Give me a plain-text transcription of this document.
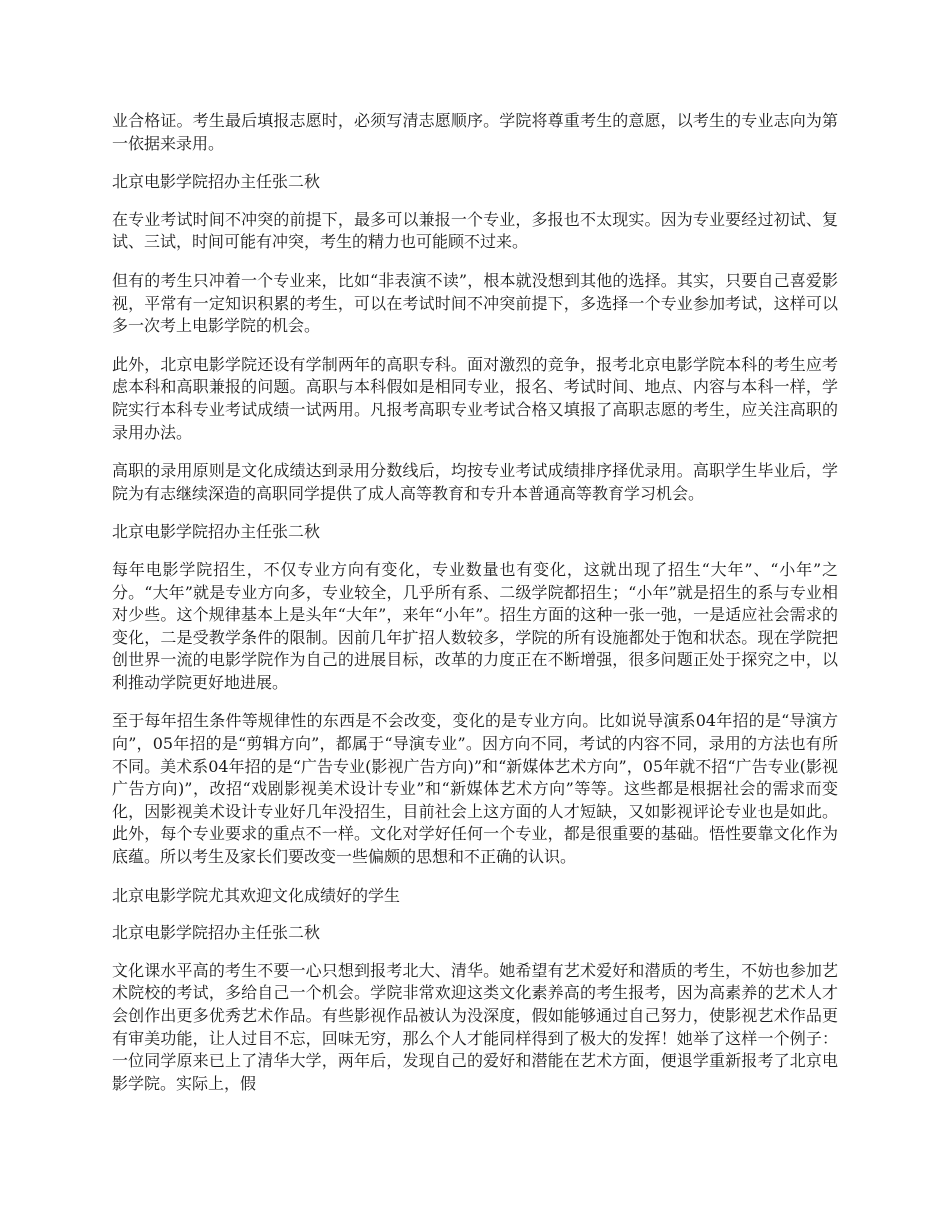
业合格证。考生最后填报志愿时，必须写清志愿顺序。学院将尊重考生的意愿，以考生的专业志向为第一依据来录用。

北京电影学院招办主任张二秋

在专业考试时间不冲突的前提下，最多可以兼报一个专业，多报也不太现实。因为专业要经过初试、复试、三试，时间可能有冲突，考生的精力也可能顾不过来。

但有的考生只冲着一个专业来，比如“非表演不读”，根本就没想到其他的选择。其实，只要自己喜爱影视，平常有一定知识积累的考生，可以在考试时间不冲突前提下，多选择一个专业参加考试，这样可以多一次考上电影学院的机会。

此外，北京电影学院还设有学制两年的高职专科。面对激烈的竞争，报考北京电影学院本科的考生应考虑本科和高职兼报的问题。高职与本科假如是相同专业，报名、考试时间、地点、内容与本科一样，学院实行本科专业考试成绩一试两用。凡报考高职专业考试合格又填报了高职志愿的考生，应关注高职的录用办法。

高职的录用原则是文化成绩达到录用分数线后，均按专业考试成绩排序择优录用。高职学生毕业后，学院为有志继续深造的高职同学提供了成人高等教育和专升本普通高等教育学习机会。

北京电影学院招办主任张二秋

每年电影学院招生，不仅专业方向有变化，专业数量也有变化，这就出现了招生“大年”、“小年”之分。“大年”就是专业方向多，专业较全，几乎所有系、二级学院都招生；“小年”就是招生的系与专业相对少些。这个规律基本上是头年“大年”，来年“小年”。招生方面的这种一张一弛，一是适应社会需求的变化，二是受教学条件的限制。因前几年扩招人数较多，学院的所有设施都处于饱和状态。现在学院把创世界一流的电影学院作为自己的进展目标，改革的力度正在不断增强，很多问题正处于探究之中，以利推动学院更好地进展。

至于每年招生条件等规律性的东西是不会改变，变化的是专业方向。比如说导演系04年招的是“导演方向”，05年招的是“剪辑方向”，都属于“导演专业”。因方向不同，考试的内容不同，录用的方法也有所不同。美术系04年招的是“广告专业(影视广告方向)”和“新媒体艺术方向”，05年就不招“广告专业(影视广告方向)”，改招“戏剧影视美术设计专业”和“新媒体艺术方向”等等。这些都是根据社会的需求而变化，因影视美术设计专业好几年没招生，目前社会上这方面的人才短缺，又如影视评论专业也是如此。此外，每个专业要求的重点不一样。文化对学好任何一个专业，都是很重要的基础。悟性要靠文化作为底蕴。所以考生及家长们要改变一些偏颇的思想和不正确的认识。

北京电影学院尤其欢迎文化成绩好的学生

北京电影学院招办主任张二秋

文化课水平高的考生不要一心只想到报考北大、清华。她希望有艺术爱好和潜质的考生，不妨也参加艺术院校的考试，多给自己一个机会。学院非常欢迎这类文化素养高的考生报考，因为高素养的艺术人才会创作出更多优秀艺术作品。有些影视作品被认为没深度，假如能够通过自己努力，使影视艺术作品更有审美功能，让人过目不忘，回味无穷，那么个人才能同样得到了极大的发挥！她举了这样一个例子：一位同学原来已上了清华大学，两年后，发现自己的爱好和潜能在艺术方面，便退学重新报考了北京电影学院。实际上，假
